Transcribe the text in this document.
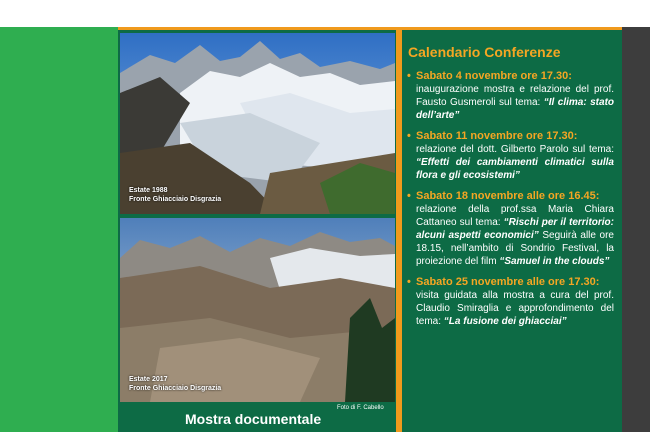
Estate 1988
Fronte Ghiacciaio Disgrazia
Estate 2017
Fronte Ghiacciaio Disgrazia
Foto di F. Cabello
Mostra documentale
Calendario Conferenze
• Sabato 4 novembre ore 17.30:
inaugurazione mostra e relazione del prof. Fausto Gusmeroli sul tema: “Il clima: stato dell’arte”
• Sabato 11 novembre ore 17.30:
relazione del dott. Gilberto Parolo sul tema: “Effetti dei cambiamenti climatici sulla flora e gli ecosistemi”
• Sabato 18 novembre alle ore 16.45:
relazione della prof.ssa Maria Chiara Cattaneo sul tema: “Rischi per il territorio: alcuni aspetti economici” Seguirà alle ore 18.15, nell’ambito di Sondrio Festival, la proiezione del film “Samuel in the clouds”
• Sabato 25 novembre alle ore 17.30:
visita guidata alla mostra a cura del prof. Claudio Smiraglia e approfondimento del tema: “La fusione dei ghiacciai”
